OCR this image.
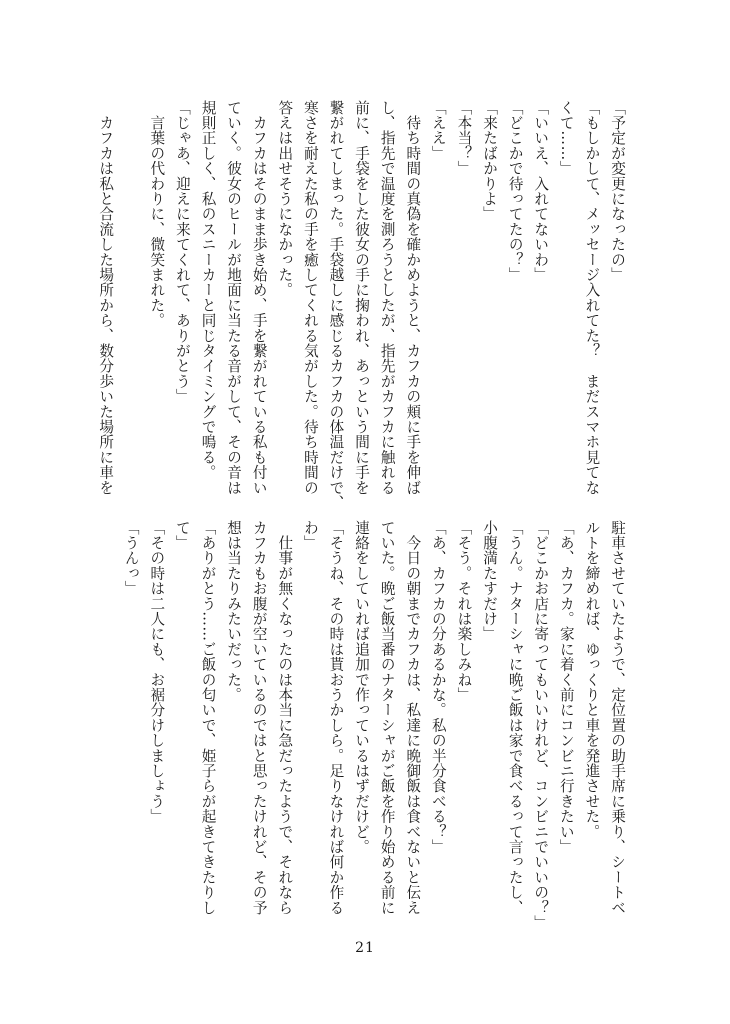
「予定が変更になったの」

「もしかして、メッセージ入れてた？　まだスマホ見てな

くて……」

「いいえ、入れてないわ」

「どこかで待ってたの？」

「来たばかりよ」

「本当？」

「ええ」

　待ち時間の真偽を確かめようと、カフカの頬に手を伸ば

し、指先で温度を測ろうとしたが、指先がカフカに触れる

前に、手袋をした彼女の手に掬われ、あっという間に手を

繋がれてしまった。手袋越しに感じるカフカの体温だけで、

寒さを耐えた私の手を癒してくれる気がした。待ち時間の

答えは出せそうになかった。

　カフカはそのまま歩き始め、手を繋がれている私も付い

ていく。彼女のヒールが地面に当たる音がして、その音は

規則正しく、私のスニーカーと同じタイミングで鳴る。

「じゃあ、迎えに来てくれて、ありがとう」

　言葉の代わりに、微笑まれた。

　カフカは私と合流した場所から、数分歩いた場所に車を

駐車させていたようで、定位置の助手席に乗り、シートベ

ルトを締めれば、ゆっくりと車を発進させた。

「あ、カフカ。家に着く前にコンビニ行きたい」

「どこかお店に寄ってもいいけれど、コンビニでいいの？」

「うん。ナターシャに晩ご飯は家で食べるって言ったし、

小腹満たすだけ」

「そう。それは楽しみね」

「あ、カフカの分あるかな。私の半分食べる？」

　今日の朝までカフカは、私達に晩御飯は食べないと伝え

ていた。晩ご飯当番のナターシャがご飯を作り始める前に

連絡をしていれば追加で作っているはずだけど。

「そうね、その時は貰おうかしら。足りなければ何か作る

わ」

　仕事が無くなったのは本当に急だったようで、それなら

カフカもお腹が空いているのではと思ったけれど、その予

想は当たりみたいだった。

「ありがとう……ご飯の匂いで、姫子らが起きてきたりし

て」

「その時は二人にも、お裾分けしましょう」

「うんっ」

21
